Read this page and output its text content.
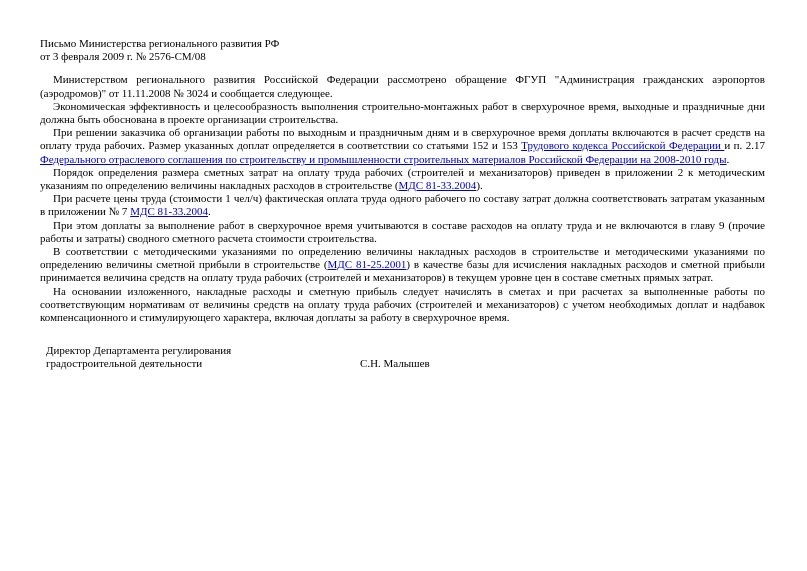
Письмо Министерства регионального развития РФ

от 3 февраля 2009 г. № 2576-СМ/08

Министерством регионального развития Российской Федерации рассмотрено обращение ФГУП "Администрация гражданских аэропортов (аэродромов)" от 11.11.2008 № 3024 и сообщается следующее.

Экономическая эффективность и целесообразность выполнения строительно-монтажных работ в сверхурочное время, выходные и праздничные дни должна быть обоснована в проекте организации строительства.

При решении заказчика об организации работы по выходным и праздничным дням и в сверхурочное время доплаты включаются в расчет средств на оплату труда рабочих. Размер указанных доплат определяется в соответствии со статьями 152 и 153 Трудового кодекса Российской Федерации и п. 2.17 Федерального отраслевого соглашения по строительству и промышленности строительных материалов Российской Федерации на 2008-2010 годы.

Порядок определения размера сметных затрат на оплату труда рабочих (строителей и механизаторов) приведен в приложении 2 к методическим указаниям по определению величины накладных расходов в строительстве (МДС 81-33.2004).

При расчете цены труда (стоимости 1 чел/ч) фактическая оплата труда одного рабочего по составу затрат должна соответствовать затратам указанным в приложении № 7 МДС 81-33.2004.

При этом доплаты за выполнение работ в сверхурочное время учитываются в составе расходов на оплату труда и не включаются в главу 9 (прочие работы и затраты) сводного сметного расчета стоимости строительства.

В соответствии с методическими указаниями по определению величины накладных расходов в строительстве и методическими указаниями по определению величины сметной прибыли в строительстве (МДС 81-25.2001) в качестве базы для исчисления накладных расходов и сметной прибыли принимается величина средств на оплату труда рабочих (строителей и механизаторов) в текущем уровне цен в составе сметных прямых затрат.

На основании изложенного, накладные расходы и сметную прибыль следует начислять в сметах и при расчетах за выполненные работы по соответствующим нормативам от величины средств на оплату труда рабочих (строителей и механизаторов) с учетом необходимых доплат и надбавок компенсационного и стимулирующего характера, включая доплаты за работу в сверхурочное время.

Директор Департамента регулирования
градостроительной деятельности	С.Н. Малышев
